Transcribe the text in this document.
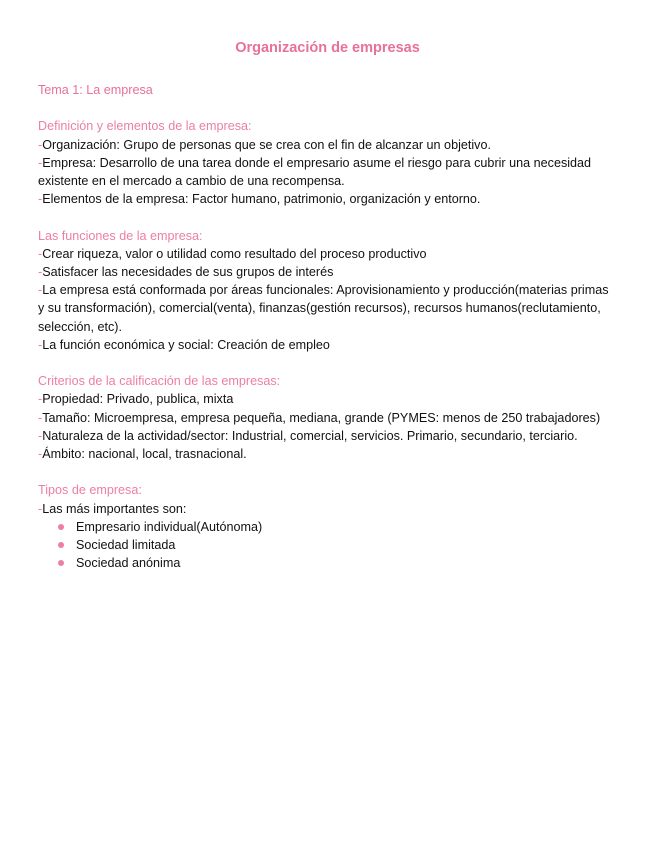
Organización de empresas

Tema 1: La empresa

Definición y elementos de la empresa:

-Organización: Grupo de personas que se crea con el fin de alcanzar un objetivo.

-Empresa: Desarrollo de una tarea donde el empresario asume el riesgo para cubrir una necesidad existente en el mercado a cambio de una recompensa.

-Elementos de la empresa: Factor humano, patrimonio, organización y entorno.

Las funciones de la empresa:

-Crear riqueza, valor o utilidad como resultado del proceso productivo

-Satisfacer las necesidades de sus grupos de interés

-La empresa está conformada por áreas funcionales: Aprovisionamiento y producción(materias primas y su transformación), comercial(venta), finanzas(gestión recursos), recursos humanos(reclutamiento, selección, etc).

-La función económica y social: Creación de empleo

Criterios de la calificación de las empresas:

-Propiedad: Privado, publica, mixta

-Tamaño: Microempresa, empresa pequeña, mediana, grande (PYMES: menos de 250 trabajadores)

-Naturaleza de la actividad/sector: Industrial, comercial, servicios. Primario, secundario, terciario.

-Ámbito: nacional, local, trasnacional.

Tipos de empresa:

-Las más importantes son:

Empresario individual(Autónoma)
Sociedad limitada
Sociedad anónima
